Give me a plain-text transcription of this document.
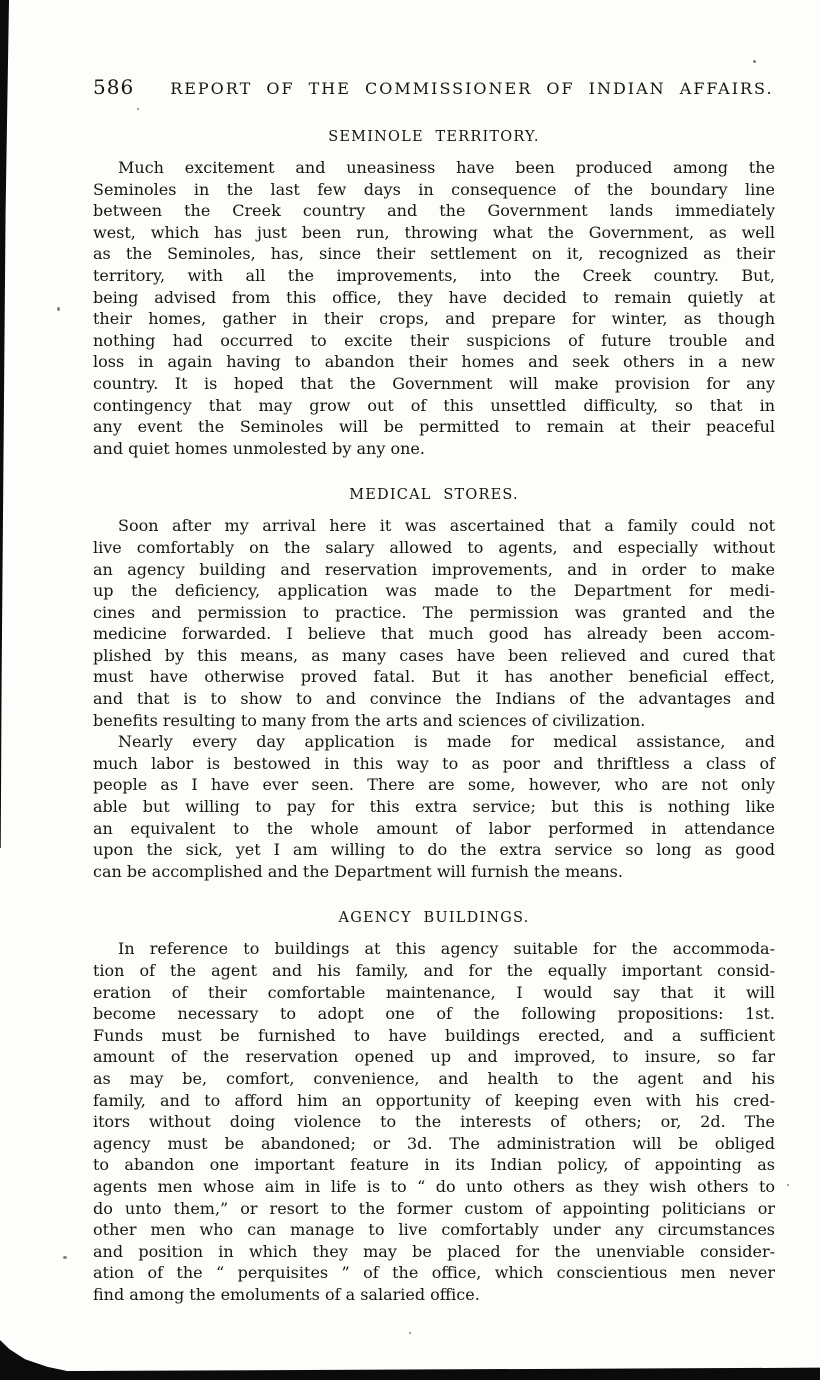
586 REPORT OF THE COMMISSIONER OF INDIAN AFFAIRS.
SEMINOLE TERRITORY.
Much excitement and uneasiness have been produced among the
Seminoles in the last few days in consequence of the boundary line
between the Creek country and the Government lands immediately
west, which has just been run, throwing what the Government, as well
as the Seminoles, has, since their settlement on it, recognized as their
territory, with all the improvements, into the Creek country. But,
being advised from this office, they have decided to remain quietly at
their homes, gather in their crops, and prepare for winter, as though
nothing had occurred to excite their suspicions of future trouble and
loss in again having to abandon their homes and seek others in a new
country. It is hoped that the Government will make provision for any
contingency that may grow out of this unsettled difficulty, so that in
any event the Seminoles will be permitted to remain at their peaceful
and quiet homes unmolested by any one.
MEDICAL STORES.
Soon after my arrival here it was ascertained that a family could not
live comfortably on the salary allowed to agents, and especially without
an agency building and reservation improvements, and in order to make
up the deficiency, application was made to the Department for medi-
cines and permission to practice. The permission was granted and the
medicine forwarded. I believe that much good has already been accom-
plished by this means, as many cases have been relieved and cured that
must have otherwise proved fatal. But it has another beneficial effect,
and that is to show to and convince the Indians of the advantages and
benefits resulting to many from the arts and sciences of civilization.
Nearly every day application is made for medical assistance, and
much labor is bestowed in this way to as poor and thriftless a class of
people as I have ever seen. There are some, however, who are not only
able but willing to pay for this extra service; but this is nothing like
an equivalent to the whole amount of labor performed in attendance
upon the sick, yet I am willing to do the extra service so long as good
can be accomplished and the Department will furnish the means.
AGENCY BUILDINGS.
In reference to buildings at this agency suitable for the accommoda-
tion of the agent and his family, and for the equally important consid-
eration of their comfortable maintenance, I would say that it will
become necessary to adopt one of the following propositions: 1st.
Funds must be furnished to have buildings erected, and a sufficient
amount of the reservation opened up and improved, to insure, so far
as may be, comfort, convenience, and health to the agent and his
family, and to afford him an opportunity of keeping even with his cred-
itors without doing violence to the interests of others; or, 2d. The
agency must be abandoned; or 3d. The administration will be obliged
to abandon one important feature in its Indian policy, of appointing as
agents men whose aim in life is to “ do unto others as they wish others to
do unto them,” or resort to the former custom of appointing politicians or
other men who can manage to live comfortably under any circumstances
and position in which they may be placed for the unenviable consider-
ation of the “ perquisites ” of the office, which conscientious men never
find among the emoluments of a salaried office.
